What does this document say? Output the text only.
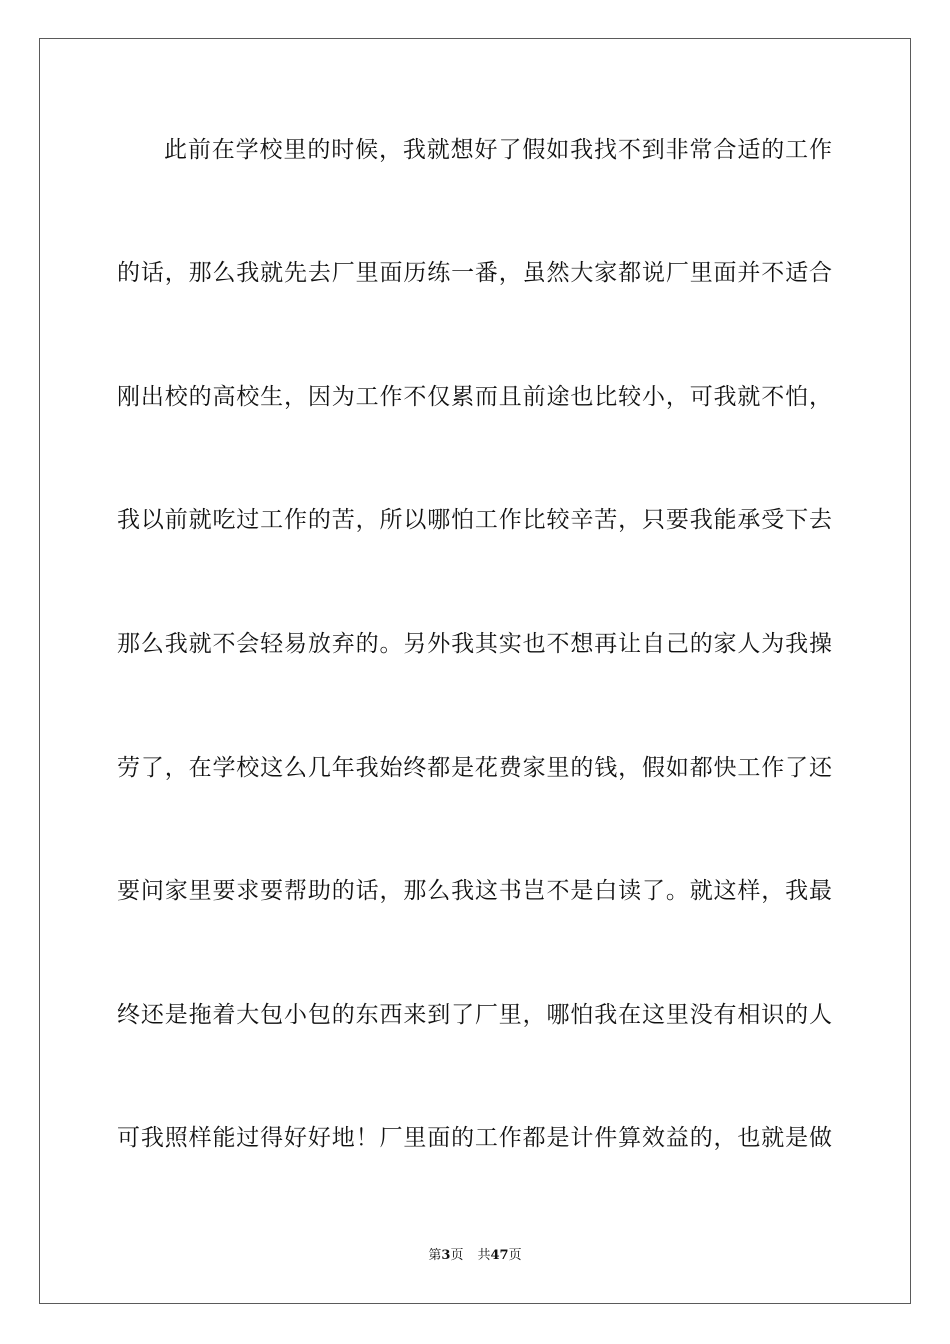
此前在学校里的时候，我就想好了假如我找不到非常合适的工作
的话，那么我就先去厂里面历练一番，虽然大家都说厂里面并不适合
刚出校的高校生，因为工作不仅累而且前途也比较小，可我就不怕，
我以前就吃过工作的苦，所以哪怕工作比较辛苦，只要我能承受下去
那么我就不会轻易放弃的。另外我其实也不想再让自己的家人为我操
劳了，在学校这么几年我始终都是花费家里的钱，假如都快工作了还
要问家里要求要帮助的话，那么我这书岂不是白读了。就这样，我最
终还是拖着大包小包的东西来到了厂里，哪怕我在这里没有相识的人
可我照样能过得好好地！厂里面的工作都是计件算效益的，也就是做
第3页 共47页
